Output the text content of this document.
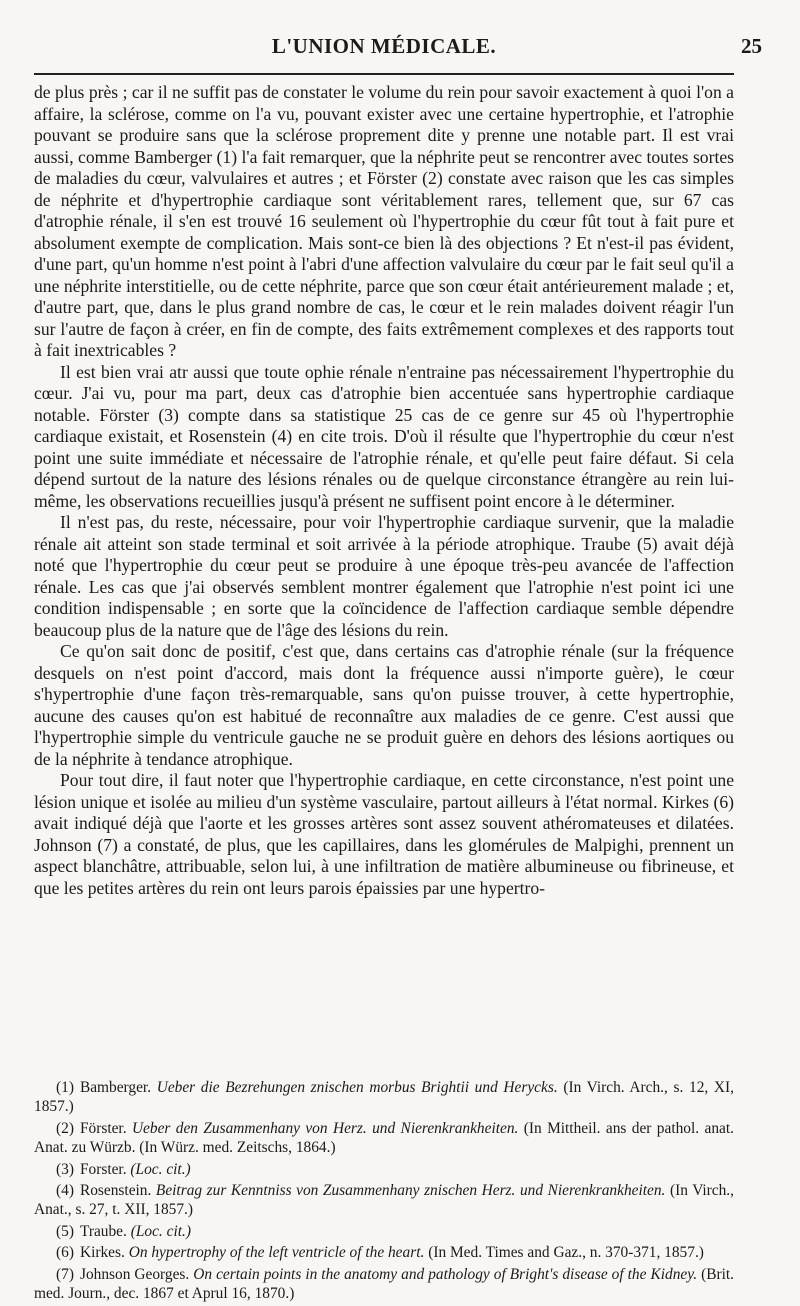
L'UNION MÉDICALE.	25

de plus près ; car il ne suffit pas de constater le volume du rein pour savoir exactement à quoi l'on a affaire, la sclérose, comme on l'a vu, pouvant exister avec une certaine hypertrophie, et l'atrophie pouvant se produire sans que la sclérose proprement dite y prenne une notable part. Il est vrai aussi, comme Bamberger (1) l'a fait remarquer, que la néphrite peut se rencontrer avec toutes sortes de maladies du cœur, valvulaires et autres ; et Förster (2) constate avec raison que les cas simples de néphrite et d'hypertrophie cardiaque sont véritablement rares, tellement que, sur 67 cas d'atrophie rénale, il s'en est trouvé 16 seulement où l'hypertrophie du cœur fût tout à fait pure et absolument exempte de complication. Mais sont-ce bien là des objections ? Et n'est-il pas évident, d'une part, qu'un homme n'est point à l'abri d'une affection valvulaire du cœur par le fait seul qu'il a une néphrite interstitielle, ou de cette néphrite, parce que son cœur était antérieurement malade ; et, d'autre part, que, dans le plus grand nombre de cas, le cœur et le rein malades doivent réagir l'un sur l'autre de façon à créer, en fin de compte, des faits extrêmement complexes et des rapports tout à fait inextricables ?

Il est bien vrai atr aussi que toute ophie rénale n'entraine pas nécessairement l'hypertrophie du cœur. J'ai vu, pour ma part, deux cas d'atrophie bien accentuée sans hypertrophie cardiaque notable. Förster (3) compte dans sa statistique 25 cas de ce genre sur 45 où l'hypertrophie cardiaque existait, et Rosenstein (4) en cite trois. D'où il résulte que l'hypertrophie du cœur n'est point une suite immédiate et nécessaire de l'atrophie rénale, et qu'elle peut faire défaut. Si cela dépend surtout de la nature des lésions rénales ou de quelque circonstance étrangère au rein lui-même, les observations recueillies jusqu'à présent ne suffisent point encore à le déterminer.

Il n'est pas, du reste, nécessaire, pour voir l'hypertrophie cardiaque survenir, que la maladie rénale ait atteint son stade terminal et soit arrivée à la période atrophique. Traube (5) avait déjà noté que l'hypertrophie du cœur peut se produire à une époque très-peu avancée de l'affection rénale. Les cas que j'ai observés semblent montrer également que l'atrophie n'est point ici une condition indispensable ; en sorte que la coïncidence de l'affection cardiaque semble dépendre beaucoup plus de la nature que de l'âge des lésions du rein.

Ce qu'on sait donc de positif, c'est que, dans certains cas d'atrophie rénale (sur la fréquence desquels on n'est point d'accord, mais dont la fréquence aussi n'importe guère), le cœur s'hypertrophie d'une façon très-remarquable, sans qu'on puisse trouver, à cette hypertrophie, aucune des causes qu'on est habitué de reconnaître aux maladies de ce genre. C'est aussi que l'hypertrophie simple du ventricule gauche ne se produit guère en dehors des lésions aortiques ou de la néphrite à tendance atrophique.

Pour tout dire, il faut noter que l'hypertrophie cardiaque, en cette circonstance, n'est point une lésion unique et isolée au milieu d'un système vasculaire, partout ailleurs à l'état normal. Kirkes (6) avait indiqué déjà que l'aorte et les grosses artères sont assez souvent athéromateuses et dilatées. Johnson (7) a constaté, de plus, que les capillaires, dans les glomérules de Malpighi, prennent un aspect blanchâtre, attribuable, selon lui, à une infiltration de matière albumineuse ou fibrineuse, et que les petites artères du rein ont leurs parois épaissies par une hypertro-

(1) Bamberger. Ueber die Bezrehungen znischen morbus Brightii und Herycks. (In Virch. Arch., s. 12, XI, 1857.)

(2) Förster. Ueber den Zusammenhany von Herz. und Nierenkrankheiten. (In Mittheil. ans der pathol. anat. Anat. zu Würzb. (In Würz. med. Zeitschs, 1864.)

(3) Forster. (Loc. cit.)

(4) Rosenstein. Beitrag zur Kenntniss von Zusammenhany znischen Herz. und Nierenkrankheiten. (In Virch., Anat., s. 27, t. XII, 1857.)

(5) Traube. (Loc. cit.)

(6) Kirkes. On hypertrophy of the left ventricle of the heart. (In Med. Times and Gaz., n. 370-371, 1857.)

(7) Johnson Georges. On certain points in the anatomy and pathology of Bright's disease of the Kidney. (Brit. med. Journ., dec. 1867 et Aprul 16, 1870.)
